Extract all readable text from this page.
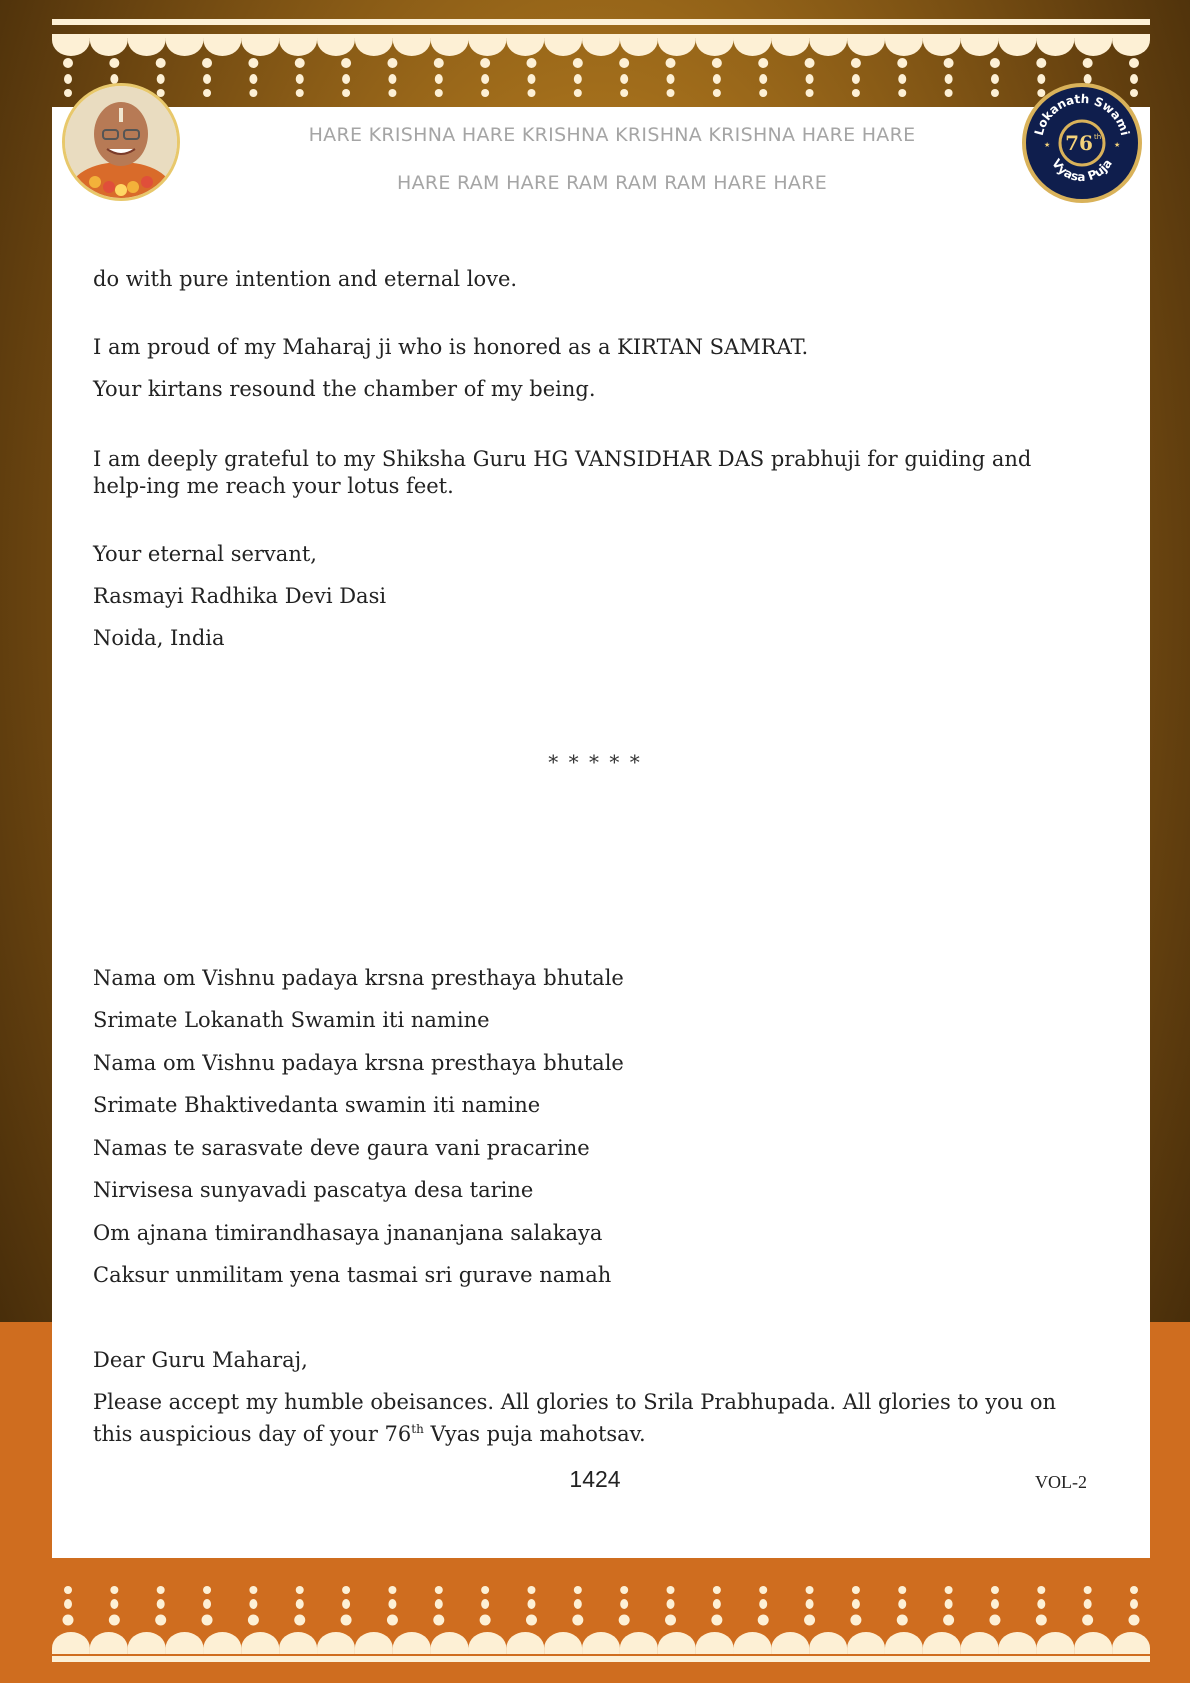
Lokanath Swami
76 th
Vyasa Puja
★	★
HARE KRISHNA HARE KRISHNA KRISHNA KRISHNA HARE HARE
HARE RAM HARE RAM RAM RAM HARE HARE

do with pure intention and eternal love.

I am proud of my Maharaj ji who is honored as a KIRTAN SAMRAT.

Your kirtans resound the chamber of my being.

I am deeply grateful to my Shiksha Guru HG VANSIDHAR DAS prabhuji for guiding and help-ing me reach your lotus feet.

Your eternal servant,

Rasmayi Radhika Devi Dasi

Noida, India

* * * * *

Nama om Vishnu padaya krsna presthaya bhutale

Srimate Lokanath Swamin iti namine

Nama om Vishnu padaya krsna presthaya bhutale

Srimate Bhaktivedanta swamin iti namine

Namas te sarasvate deve gaura vani pracarine

Nirvisesa sunyavadi pascatya desa tarine

Om ajnana timirandhasaya jnananjana salakaya

Caksur unmilitam yena tasmai sri gurave namah

Dear Guru Maharaj,

Please accept my humble obeisances. All glories to Srila Prabhupada. All glories to you on this auspicious day of your 76th Vyas puja mahotsav.

1424	VOL-2
